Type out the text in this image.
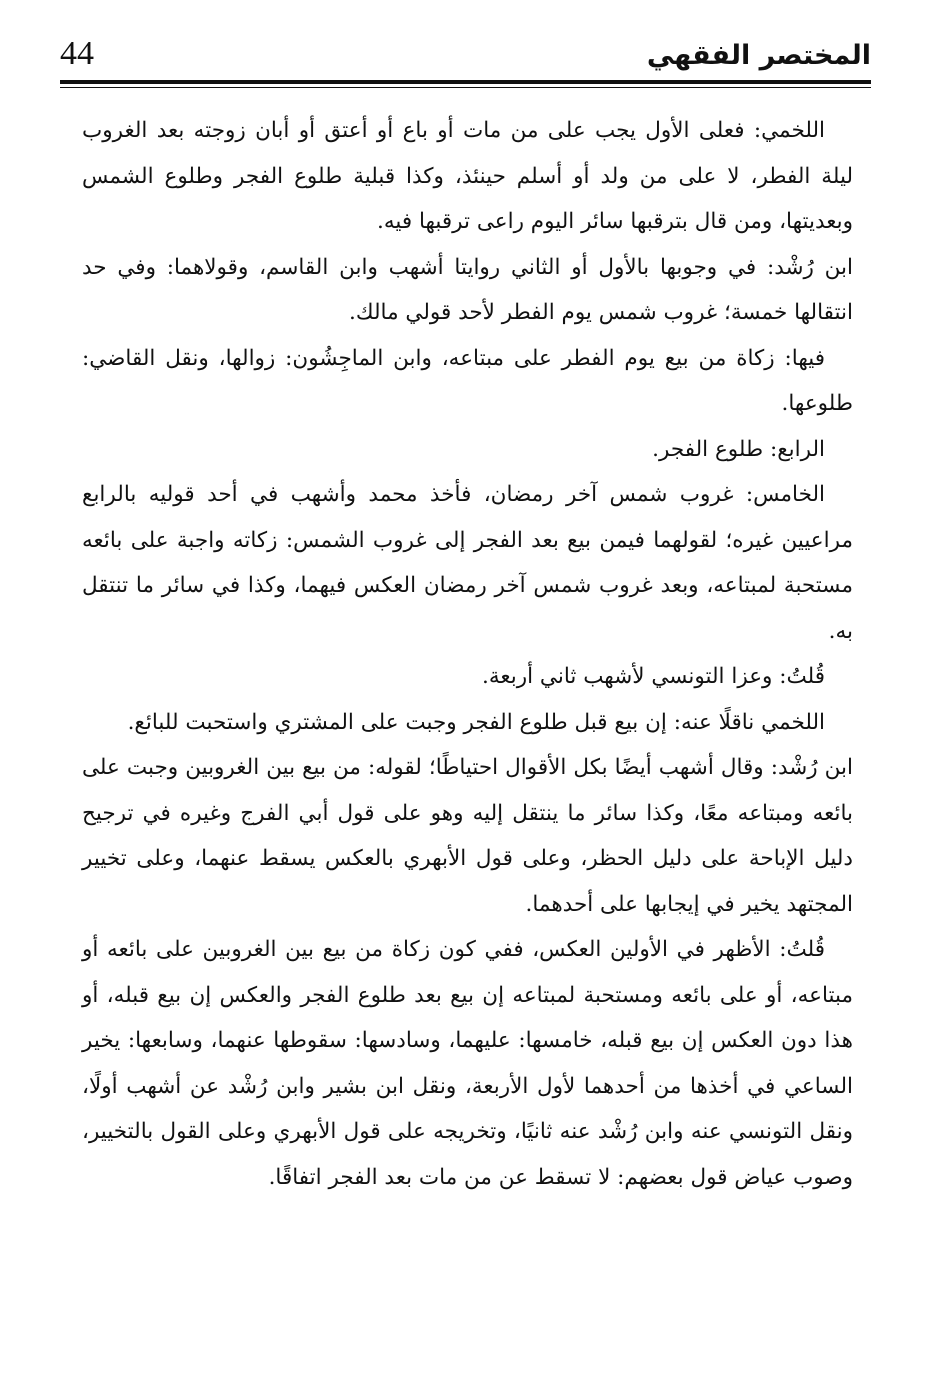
44	المختصر الفقهي

اللخمي: فعلى الأول يجب على من مات أو باع أو أعتق أو أبان زوجته بعد الغروب ليلة الفطر، لا على من ولد أو أسلم حينئذ، وكذا قبلية طلوع الفجر وطلوع الشمس وبعديتها، ومن قال بترقبها سائر اليوم راعى ترقبها فيه.

ابن رُشْد: في وجوبها بالأول أو الثاني روايتا أشهب وابن القاسم، وقولاهما: وفي حد انتقالها خمسة؛ غروب شمس يوم الفطر لأحد قولي مالك.

فيها: زكاة من بيع يوم الفطر على مبتاعه، وابن الماجِشُون: زوالها، ونقل القاضي: طلوعها.

الرابع: طلوع الفجر.

الخامس: غروب شمس آخر رمضان، فأخذ محمد وأشهب في أحد قوليه بالرابع مراعيين غيره؛ لقولهما فيمن بيع بعد الفجر إلى غروب الشمس: زكاته واجبة على بائعه مستحبة لمبتاعه، وبعد غروب شمس آخر رمضان العكس فيهما، وكذا في سائر ما تنتقل به.

قُلتُ: وعزا التونسي لأشهب ثاني أربعة.

اللخمي ناقلًا عنه: إن بيع قبل طلوع الفجر وجبت على المشتري واستحبت للبائع.

ابن رُشْد: وقال أشهب أيضًا بكل الأقوال احتياطًا؛ لقوله: من بيع بين الغروبين وجبت على بائعه ومبتاعه معًا، وكذا سائر ما ينتقل إليه وهو على قول أبي الفرج وغيره في ترجيح دليل الإباحة على دليل الحظر، وعلى قول الأبهري بالعكس يسقط عنهما، وعلى تخيير المجتهد يخير في إيجابها على أحدهما.

قُلتُ: الأظهر في الأولين العكس، ففي كون زكاة من بيع بين الغروبين على بائعه أو مبتاعه، أو على بائعه ومستحبة لمبتاعه إن بيع بعد طلوع الفجر والعكس إن بيع قبله، أو هذا دون العكس إن بيع قبله، خامسها: عليهما، وسادسها: سقوطها عنهما، وسابعها: يخير الساعي في أخذها من أحدهما لأول الأربعة، ونقل ابن بشير وابن رُشْد عن أشهب أولًا، ونقل التونسي عنه وابن رُشْد عنه ثانيًا، وتخريجه على قول الأبهري وعلى القول بالتخيير، وصوب عياض قول بعضهم: لا تسقط عن من مات بعد الفجر اتفاقًا.
